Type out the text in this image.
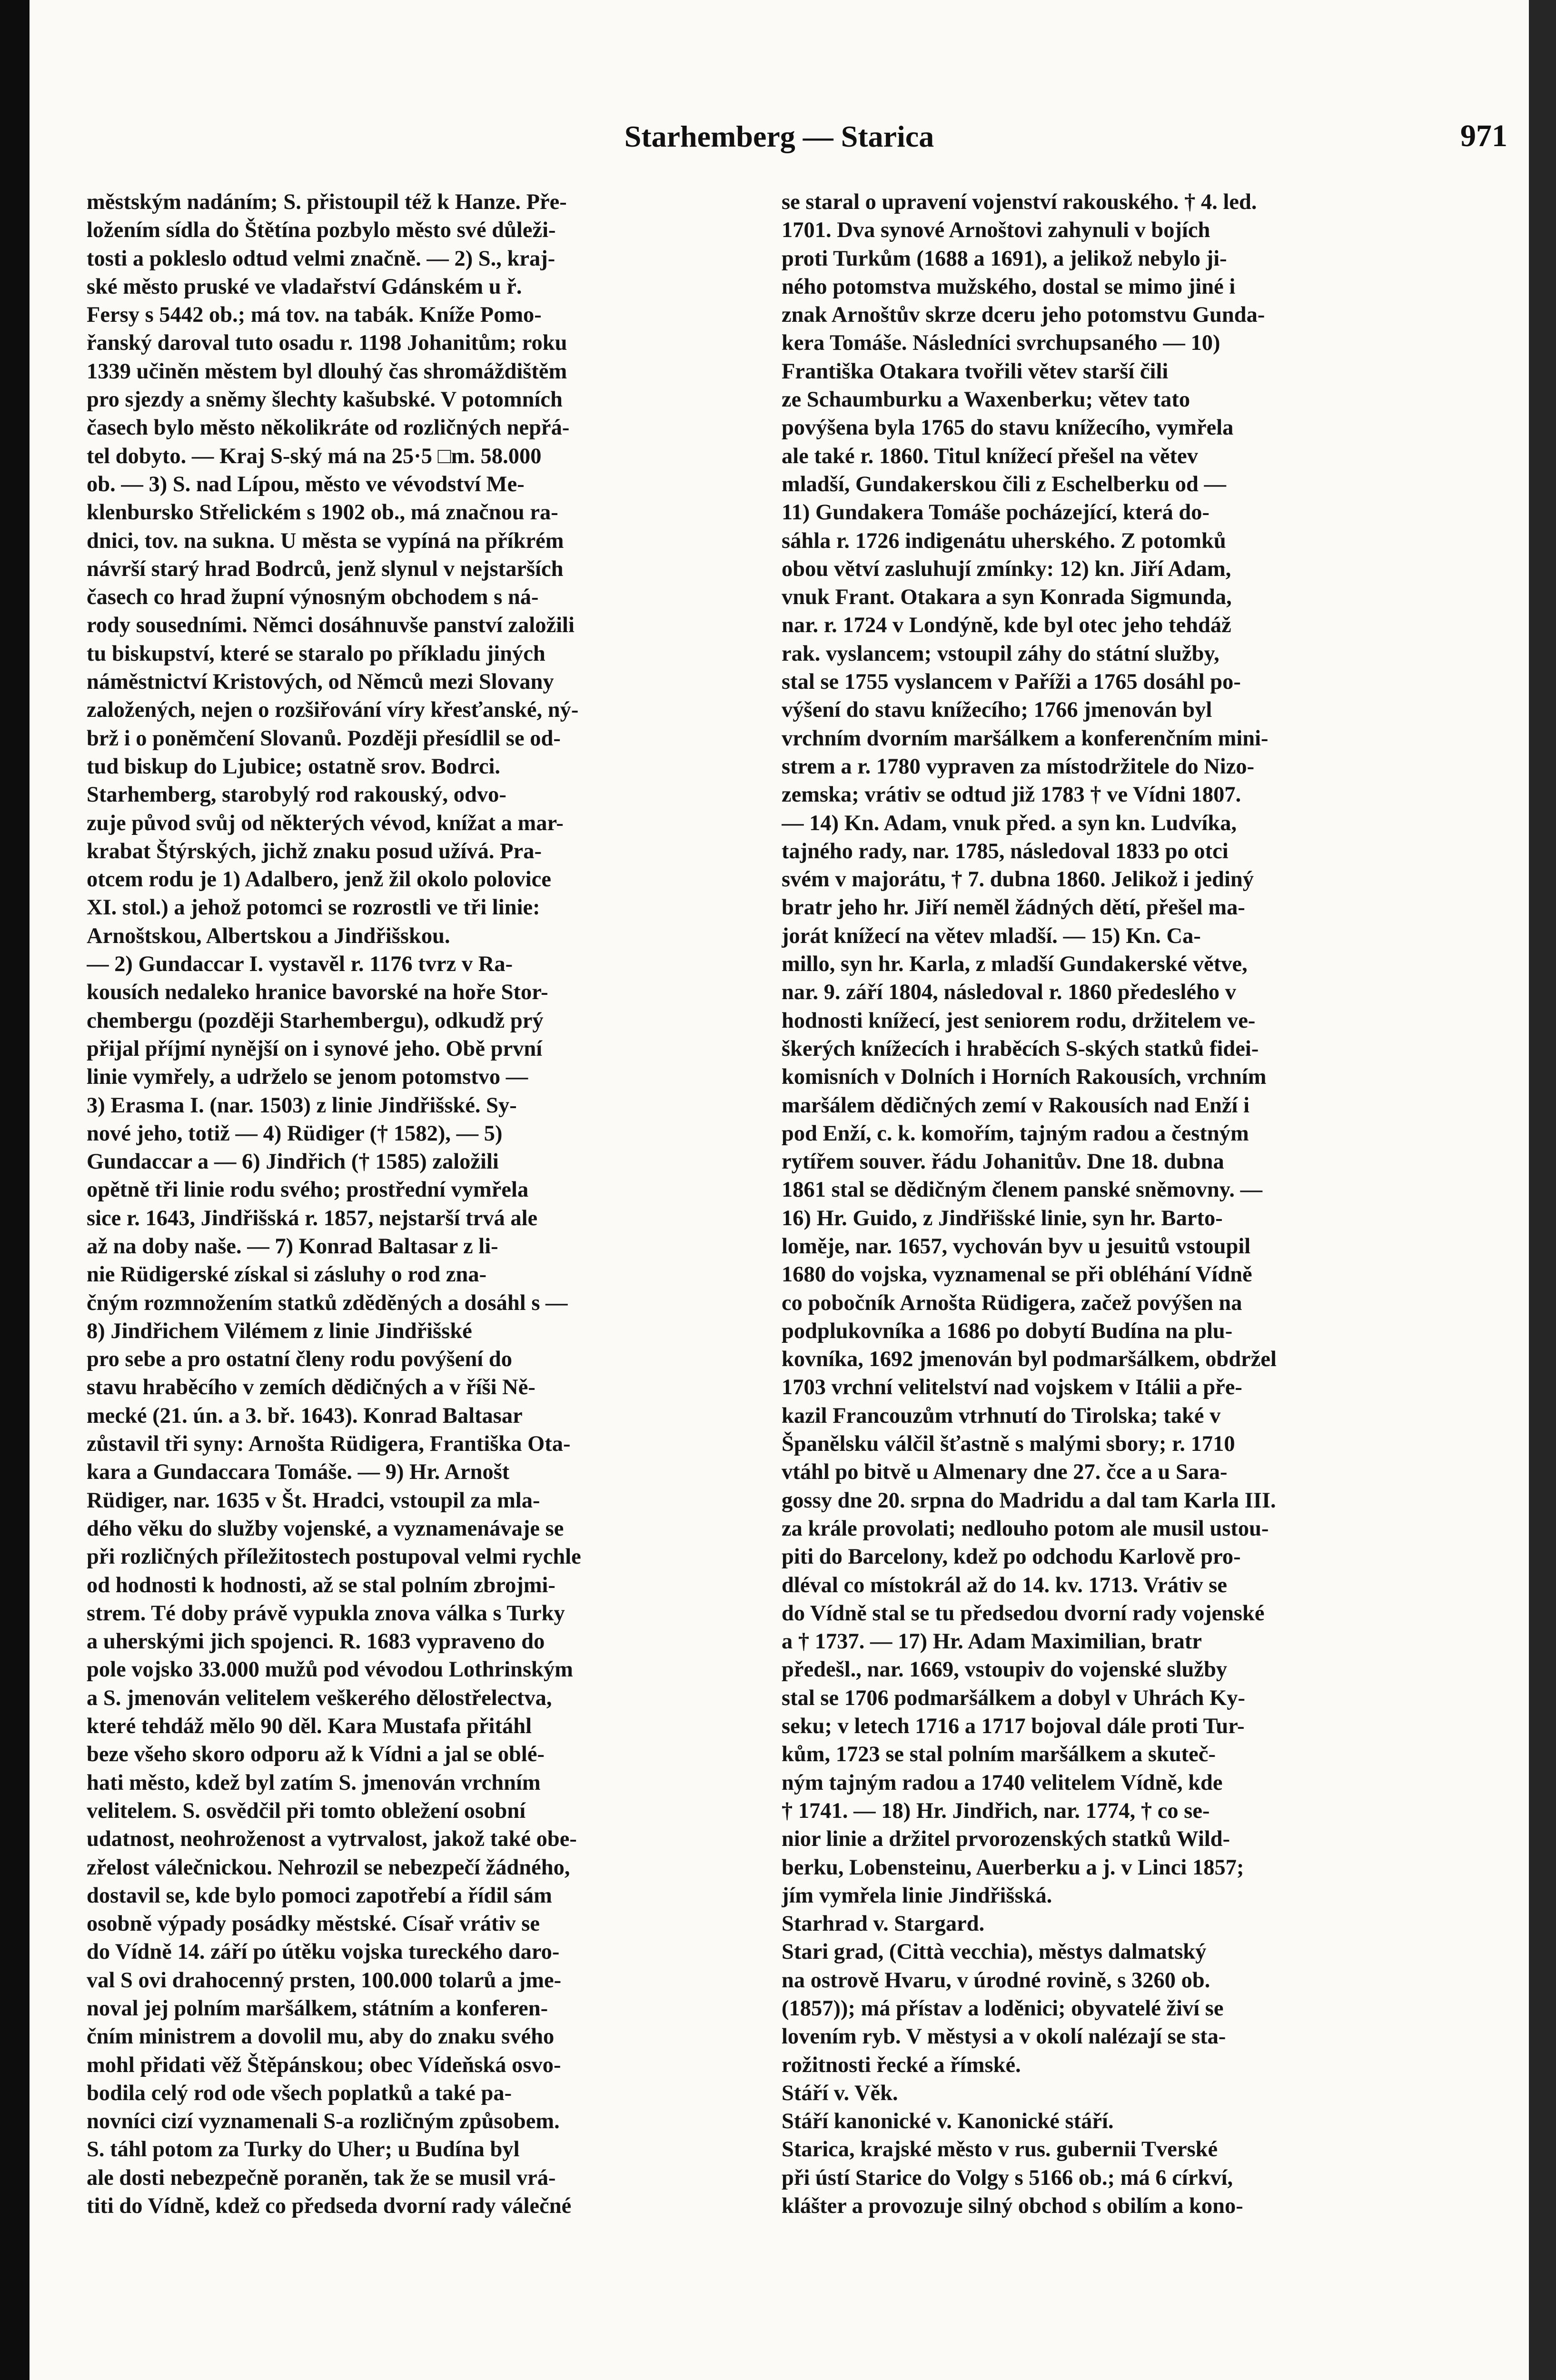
Starhemberg — Starica	971
městským nadáním; S. přistoupil též k Hanze. Pře-
ložením sídla do Štětína pozbylo město své důleži-
tosti a pokleslo odtud velmi značně. — 2) S., kraj-
ské město pruské ve vladařství Gdánském u ř.
Fersy s 5442 ob.; má tov. na tabák. Kníže Pomo-
řanský daroval tuto osadu r. 1198 Johanitům; roku
1339 učiněn městem byl dlouhý čas shromáždištěm
pro sjezdy a sněmy šlechty kašubské. V potomních
časech bylo město několikráte od rozličných nepřá-
tel dobyto. — Kraj S-ský má na 25·5 □m. 58.000
ob. — 3) S. nad Lípou, město ve vévodství Me-
klenbursko Střelickém s 1902 ob., má značnou ra-
dnici, tov. na sukna. U města se vypíná na příkrém
návrší starý hrad Bodrců, jenž slynul v nejstarších
časech co hrad župní výnosným obchodem s ná-
rody sousedními. Němci dosáhnuvše panství založili
tu biskupství, které se staralo po příkladu jiných
náměstnictví Kristových, od Němců mezi Slovany
založených, nejen o rozšiřování víry křesťanské, ný-
brž i o poněmčení Slovanů. Později přesídlil se od-
tud biskup do Ljubice; ostatně srov. Bodrci.
Starhemberg, starobylý rod rakouský, odvo-
zuje původ svůj od některých vévod, knížat a mar-
krabat Štýrských, jichž znaku posud užívá. Pra-
otcem rodu je 1) Adalbero, jenž žil okolo polovice
XI. stol.) a jehož potomci se rozrostli ve tři linie:
Arnoštskou, Albertskou a Jindřišskou.
— 2) Gundaccar I. vystavěl r. 1176 tvrz v Ra-
kousích nedaleko hranice bavorské na hoře Stor-
chembergu (později Starhembergu), odkudž prý
přijal příjmí nynější on i synové jeho. Obě první
linie vymřely, a udrželo se jenom potomstvo —
3) Erasma I. (nar. 1503) z linie Jindřišské. Sy-
nové jeho, totiž — 4) Rüdiger († 1582), — 5)
Gundaccar a — 6) Jindřich († 1585) založili
opětně tři linie rodu svého; prostřední vymřela
sice r. 1643, Jindřišská r. 1857, nejstarší trvá ale
až na doby naše. — 7) Konrad Baltasar z li-
nie Rüdigerské získal si zásluhy o rod zna-
čným rozmnožením statků zděděných a dosáhl s —
8) Jindřichem Vilémem z linie Jindřišské
pro sebe a pro ostatní členy rodu povýšení do
stavu hraběcího v zemích dědičných a v říši Ně-
mecké (21. ún. a 3. bř. 1643). Konrad Baltasar
zůstavil tři syny: Arnošta Rüdigera, Františka Ota-
kara a Gundaccara Tomáše. — 9) Hr. Arnošt
Rüdiger, nar. 1635 v Št. Hradci, vstoupil za mla-
dého věku do služby vojenské, a vyznamenávaje se
při rozličných příležitostech postupoval velmi rychle
od hodnosti k hodnosti, až se stal polním zbrojmi-
strem. Té doby právě vypukla znova válka s Turky
a uherskými jich spojenci. R. 1683 vypraveno do
pole vojsko 33.000 mužů pod vévodou Lothrinským
a S. jmenován velitelem veškerého dělostřelectva,
které tehdáž mělo 90 děl. Kara Mustafa přitáhl
beze všeho skoro odporu až k Vídni a jal se oblé-
hati město, kdež byl zatím S. jmenován vrchním
velitelem. S. osvědčil při tomto obležení osobní
udatnost, neohroženost a vytrvalost, jakož také obe-
zřelost válečnickou. Nehrozil se nebezpečí žádného,
dostavil se, kde bylo pomoci zapotřebí a řídil sám
osobně výpady posádky městské. Císař vrátiv se
do Vídně 14. září po útěku vojska tureckého daro-
val S ovi drahocenný prsten, 100.000 tolarů a jme-
noval jej polním maršálkem, státním a konferen-
čním ministrem a dovolil mu, aby do znaku svého
mohl přidati věž Štěpánskou; obec Vídeňská osvo-
bodila celý rod ode všech poplatků a také pa-
novníci cizí vyznamenali S-a rozličným způsobem.
S. táhl potom za Turky do Uher; u Budína byl
ale dosti nebezpečně poraněn, tak že se musil vrá-
titi do Vídně, kdež co předseda dvorní rady válečné
se staral o upravení vojenství rakouského. † 4. led.
1701. Dva synové Arnoštovi zahynuli v bojích
proti Turkům (1688 a 1691), a jelikož nebylo ji-
ného potomstva mužského, dostal se mimo jiné i
znak Arnoštův skrze dceru jeho potomstvu Gunda-
kera Tomáše. Následníci svrchupsaného — 10)
Františka Otakara tvořili větev starší čili
ze Schaumburku a Waxenberku; větev tato
povýšena byla 1765 do stavu knížecího, vymřela
ale také r. 1860. Titul knížecí přešel na větev
mladší, Gundakerskou čili z Eschelberku od —
11) Gundakera Tomáše pocházející, která do-
sáhla r. 1726 indigenátu uherského. Z potomků
obou větví zasluhují zmínky: 12) kn. Jiří Adam,
vnuk Frant. Otakara a syn Konrada Sigmunda,
nar. r. 1724 v Londýně, kde byl otec jeho tehdáž
rak. vyslancem; vstoupil záhy do státní služby,
stal se 1755 vyslancem v Paříži a 1765 dosáhl po-
výšení do stavu knížecího; 1766 jmenován byl
vrchním dvorním maršálkem a konferenčním mini-
strem a r. 1780 vypraven za místodržitele do Nizo-
zemska; vrátiv se odtud již 1783 † ve Vídni 1807.
— 14) Kn. Adam, vnuk před. a syn kn. Ludvíka,
tajného rady, nar. 1785, následoval 1833 po otci
svém v majorátu, † 7. dubna 1860. Jelikož i jediný
bratr jeho hr. Jiří neměl žádných dětí, přešel ma-
jorát knížecí na větev mladší. — 15) Kn. Ca-
millo, syn hr. Karla, z mladší Gundakerské větve,
nar. 9. září 1804, následoval r. 1860 předeslého v
hodnosti knížecí, jest seniorem rodu, držitelem ve-
škerých knížecích i hraběcích S-ských statků fidei-
komisních v Dolních i Horních Rakousích, vrchním
maršálem dědičných zemí v Rakousích nad Enží i
pod Enží, c. k. komořím, tajným radou a čestným
rytířem souver. řádu Johanitův. Dne 18. dubna
1861 stal se dědičným členem panské sněmovny. —
16) Hr. Guido, z Jindřišské linie, syn hr. Barto-
loměje, nar. 1657, vychován byv u jesuitů vstoupil
1680 do vojska, vyznamenal se při obléhání Vídně
co pobočník Arnošta Rüdigera, začež povýšen na
podplukovníka a 1686 po dobytí Budína na plu-
kovníka, 1692 jmenován byl podmaršálkem, obdržel
1703 vrchní velitelství nad vojskem v Itálii a pře-
kazil Francouzům vtrhnutí do Tirolska; také v
Španělsku válčil šťastně s malými sbory; r. 1710
vtáhl po bitvě u Almenary dne 27. čce a u Sara-
gossy dne 20. srpna do Madridu a dal tam Karla III.
za krále provolati; nedlouho potom ale musil ustou-
piti do Barcelony, kdež po odchodu Karlově pro-
dléval co místokrál až do 14. kv. 1713. Vrátiv se
do Vídně stal se tu předsedou dvorní rady vojenské
a † 1737. — 17) Hr. Adam Maximilian, bratr
předešl., nar. 1669, vstoupiv do vojenské služby
stal se 1706 podmaršálkem a dobyl v Uhrách Ky-
seku; v letech 1716 a 1717 bojoval dále proti Tur-
kům, 1723 se stal polním maršálkem a skuteč-
ným tajným radou a 1740 velitelem Vídně, kde
† 1741. — 18) Hr. Jindřich, nar. 1774, † co se-
nior linie a držitel prvorozenských statků Wild-
berku, Lobensteinu, Auerberku a j. v Linci 1857;
jím vymřela linie Jindřišská.
Starhrad v. Stargard.
Stari grad, (Città vecchia), městys dalmatský
na ostrově Hvaru, v úrodné rovině, s 3260 ob.
(1857)); má přístav a loděnici; obyvatelé živí se
lovením ryb. V městysi a v okolí nalézají se sta-
rožitnosti řecké a římské.
Stáří v. Věk.
Stáří kanonické v. Kanonické stáří.
Starica, krajské město v rus. gubernii Tverské
při ústí Starice do Volgy s 5166 ob.; má 6 církví,
klášter a provozuje silný obchod s obilím a kono-
